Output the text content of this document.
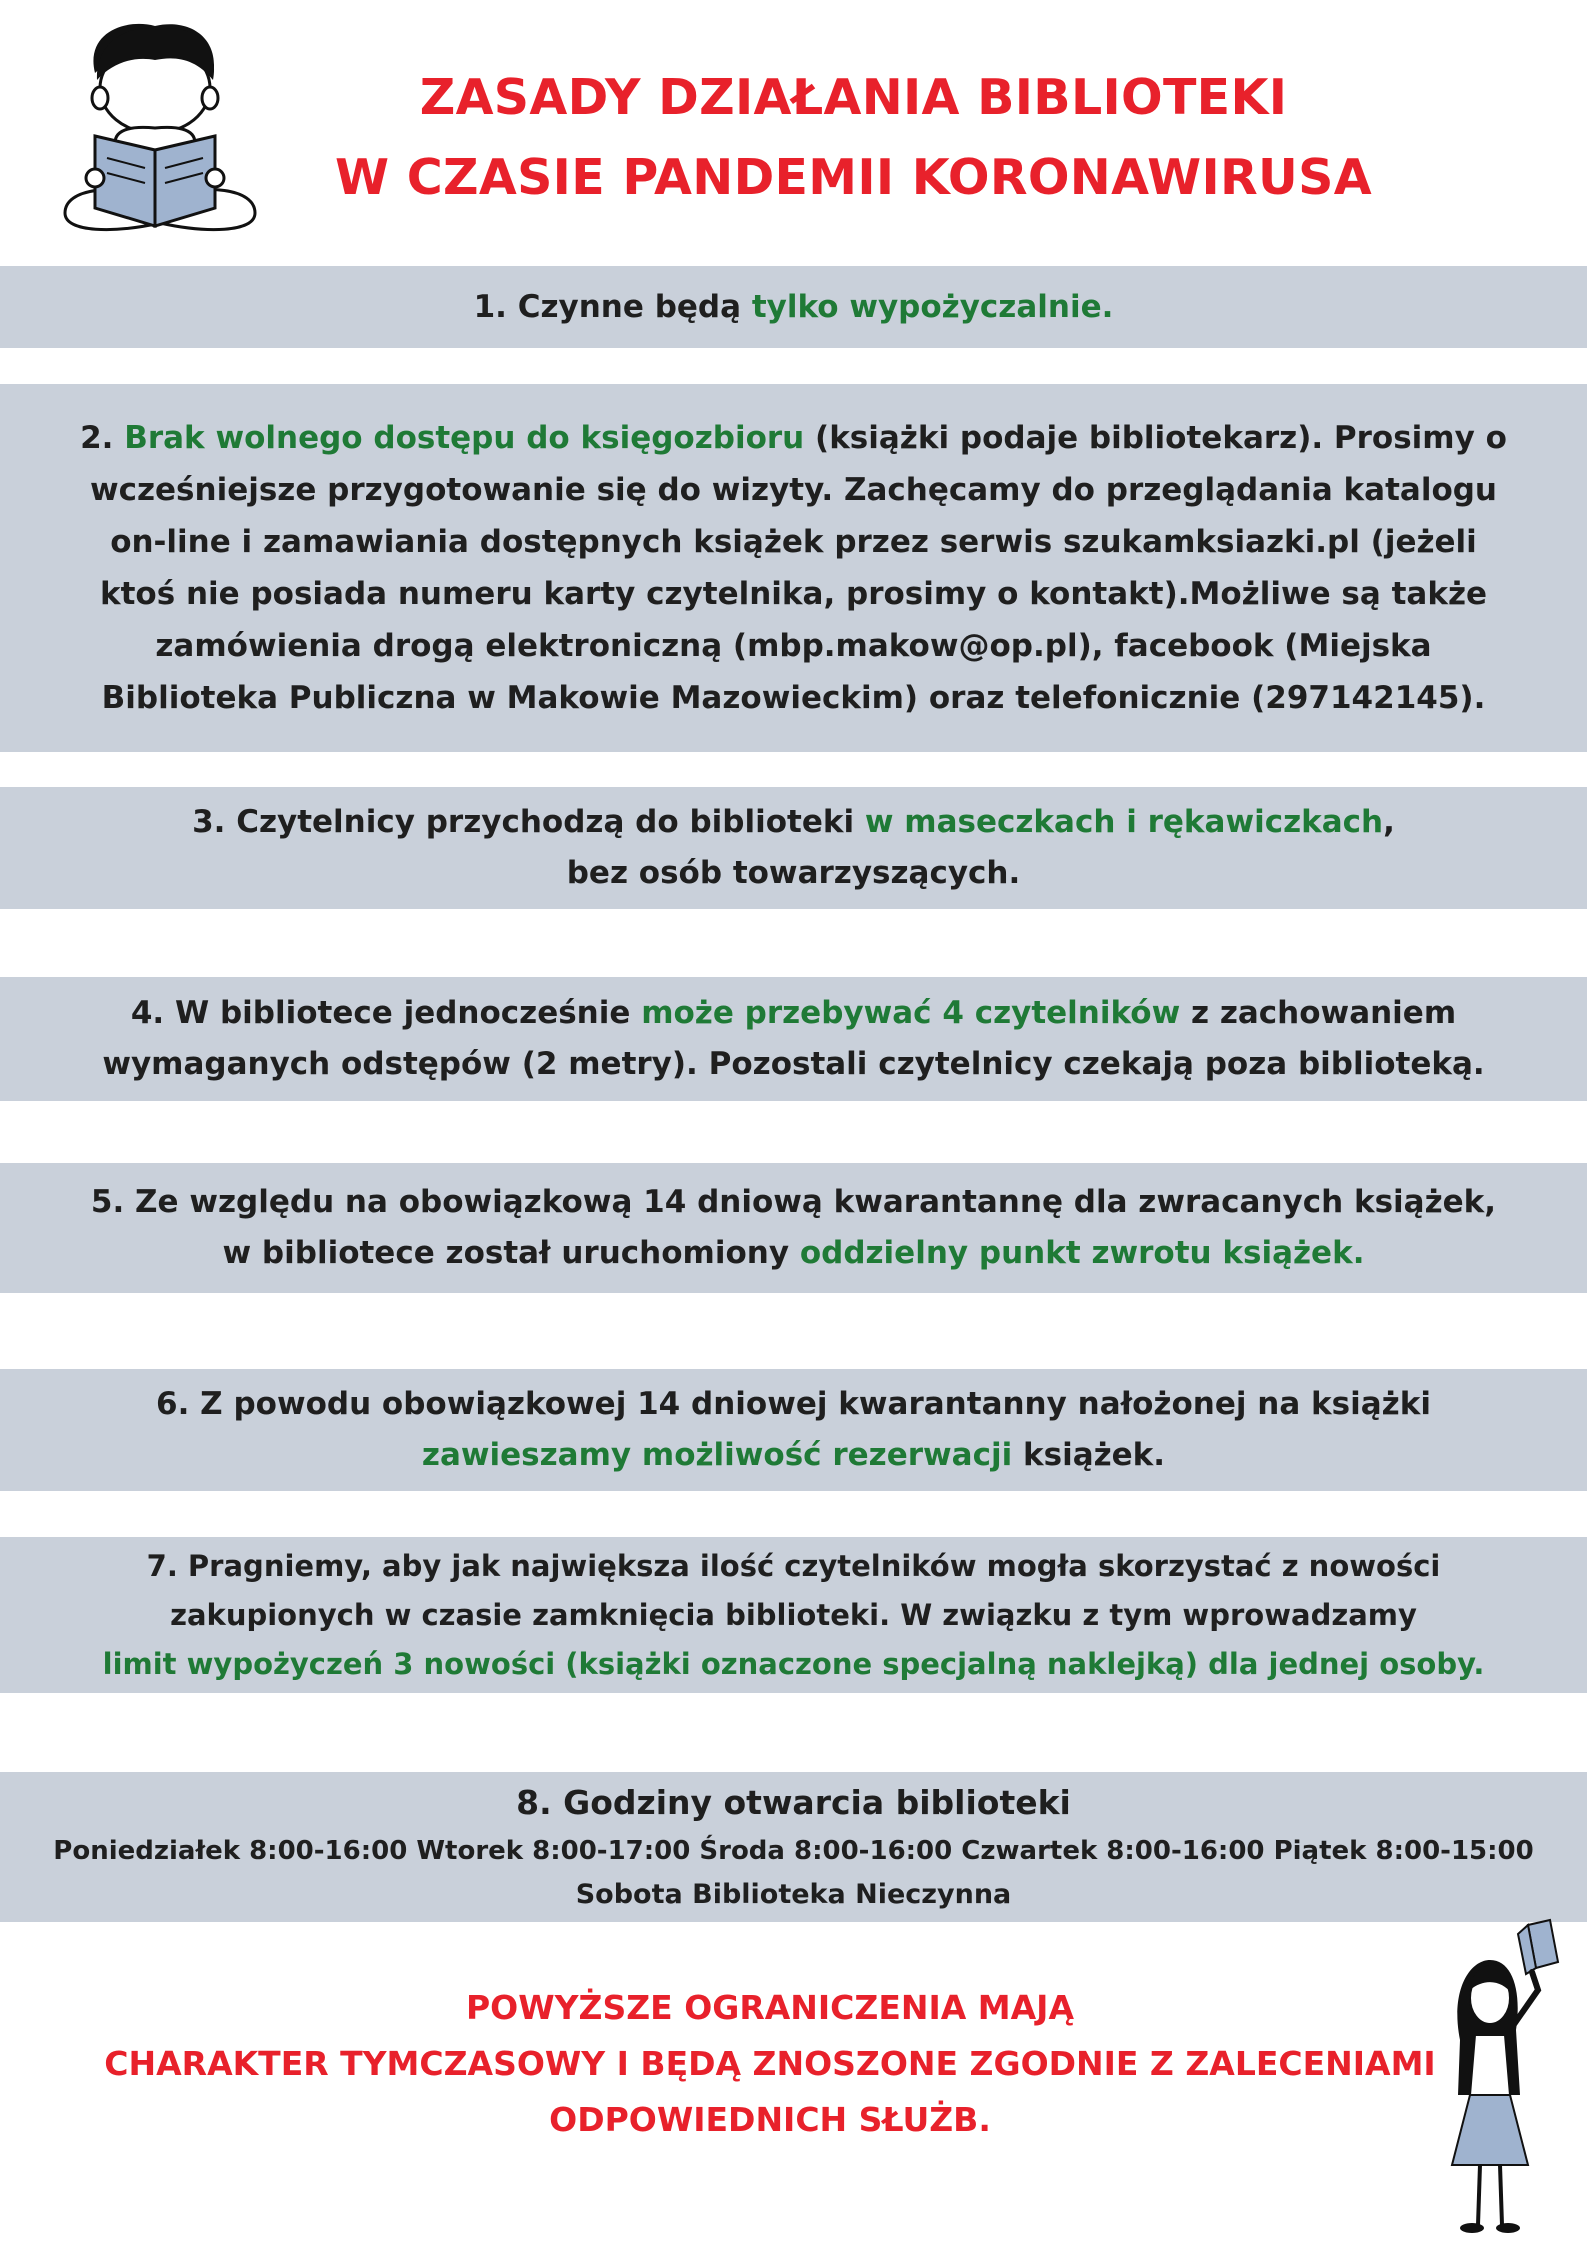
ZASADY DZIAŁANIA BIBLIOTEKI
W CZASIE PANDEMII KORONAWIRUSA
1. Czynne będą tylko wypożyczalnie.
2. Brak wolnego dostępu do księgozbioru (książki podaje bibliotekarz). Prosimy o
wcześniejsze przygotowanie się do wizyty. Zachęcamy do przeglądania katalogu
on-line i zamawiania dostępnych książek przez serwis szukamksiazki.pl (jeżeli
ktoś nie posiada numeru karty czytelnika, prosimy o kontakt).Możliwe są także
zamówienia drogą elektroniczną (mbp.makow@op.pl), facebook (Miejska
Biblioteka Publiczna w Makowie Mazowieckim) oraz telefonicznie (297142145).
3. Czytelnicy przychodzą do biblioteki w maseczkach i rękawiczkach,
bez osób towarzyszących.
4. W bibliotece jednocześnie może przebywać 4 czytelników z zachowaniem
wymaganych odstępów (2 metry). Pozostali czytelnicy czekają poza biblioteką.
5. Ze względu na obowiązkową 14 dniową kwarantannę dla zwracanych książek,
w bibliotece został uruchomiony oddzielny punkt zwrotu książek.
6. Z powodu obowiązkowej 14 dniowej kwarantanny nałożonej na książki
zawieszamy możliwość rezerwacji książek.
7. Pragniemy, aby jak największa ilość czytelników mogła skorzystać z nowości
zakupionych w czasie zamknięcia biblioteki. W związku z tym wprowadzamy
limit wypożyczeń 3 nowości (książki oznaczone specjalną naklejką) dla jednej osoby.
8. Godziny otwarcia biblioteki
Poniedziałek 8:00-16:00 Wtorek 8:00-17:00 Środa 8:00-16:00 Czwartek 8:00-16:00 Piątek 8:00-15:00
Sobota Biblioteka Nieczynna
POWYŻSZE OGRANICZENIA MAJĄ
CHARAKTER TYMCZASOWY I BĘDĄ ZNOSZONE ZGODNIE Z ZALECENIAMI
ODPOWIEDNICH SŁUŻB.
